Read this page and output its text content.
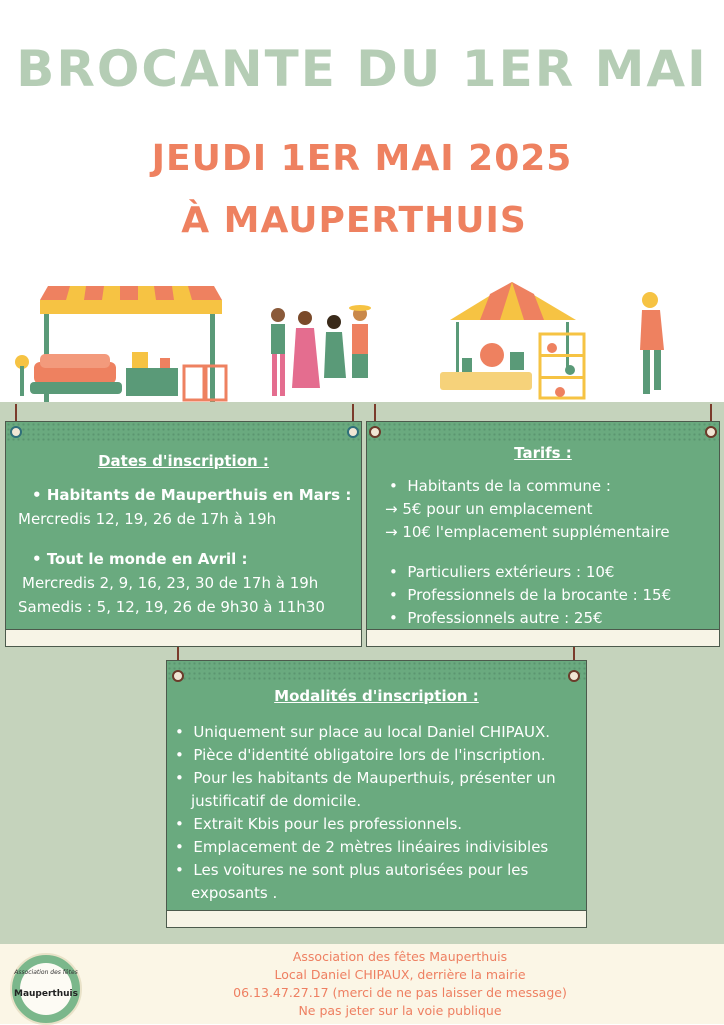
BROCANTE DU 1ER MAI
JEUDI 1ER MAI 2025
À MAUPERTHUIS
Dates d'inscription :
• Habitants de Mauperthuis en Mars :
Mercredis 12, 19, 26 de 17h à 19h
• Tout le monde en Avril :
Mercredis 2, 9, 16, 23, 30 de 17h à 19h
Samedis : 5, 12, 19, 26 de 9h30 à 11h30
Tarifs :
•  Habitants de la commune :
→ 5€ pour un emplacement
→ 10€ l'emplacement supplémentaire
•  Particuliers extérieurs : 10€
•  Professionnels de la brocante : 15€
•  Professionnels autre : 25€
Modalités d'inscription :
•  Uniquement sur place au local Daniel CHIPAUX.
•  Pièce d'identité obligatoire lors de l'inscription.
•  Pour les habitants de Mauperthuis, présenter un
justificatif de domicile.
•  Extrait Kbis pour les professionnels.
•  Emplacement de 2 mètres linéaires indivisibles
•  Les voitures ne sont plus autorisées pour les
exposants .
Association des fêtes Mauperthuis
Local Daniel CHIPAUX, derrière la mairie
06.13.47.27.17 (merci de ne pas laisser de message)
Ne pas jeter sur la voie publique
Association des fêtes
Mauperthuis
